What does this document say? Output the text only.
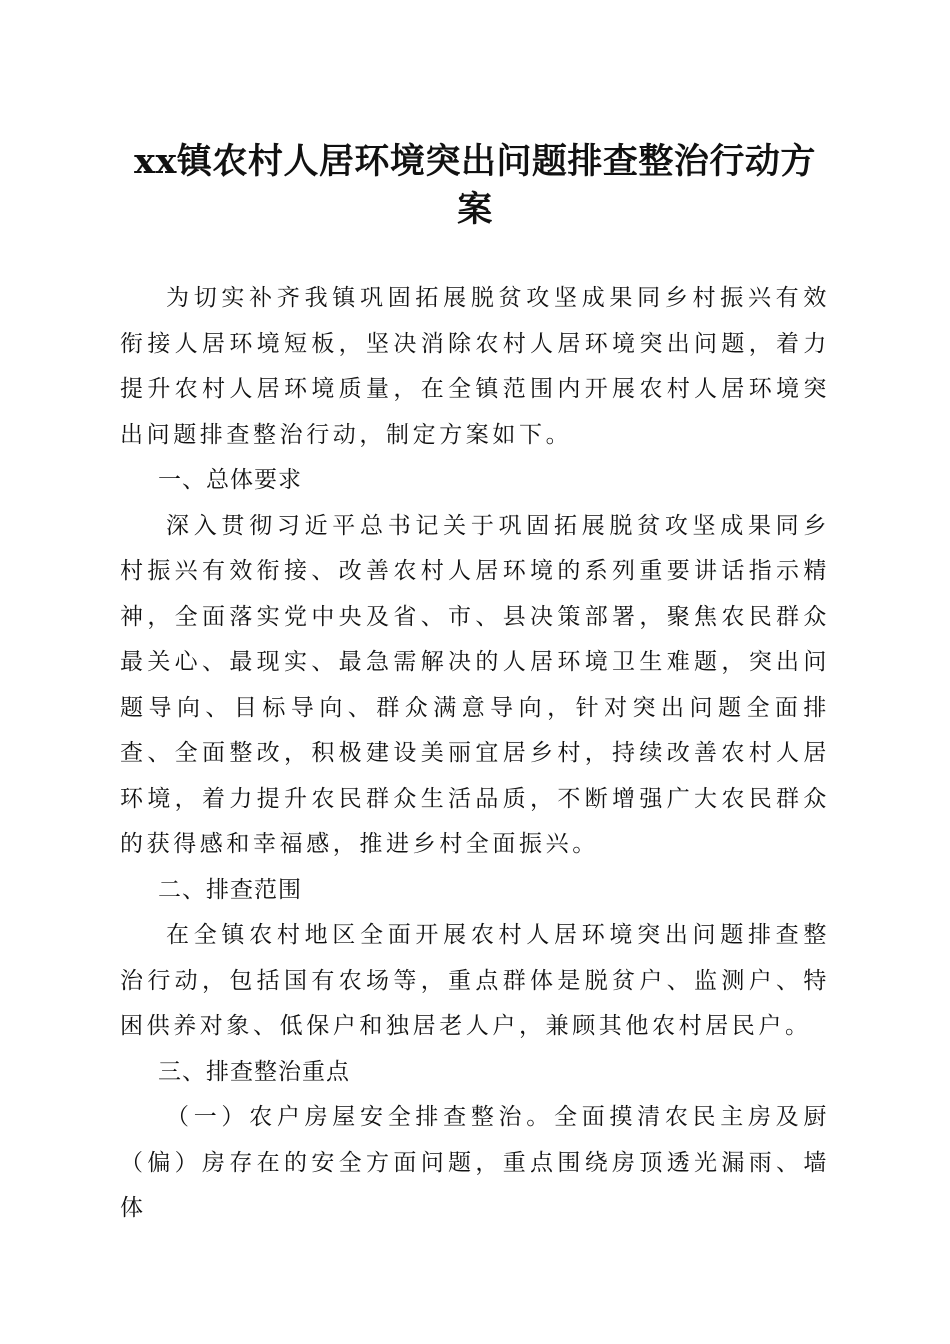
xx镇农村人居环境突出问题排查整治行动方案

为切实补齐我镇巩固拓展脱贫攻坚成果同乡村振兴有效衔接人居环境短板，坚决消除农村人居环境突出问题，着力提升农村人居环境质量，在全镇范围内开展农村人居环境突出问题排查整治行动，制定方案如下。

一、总体要求

深入贯彻习近平总书记关于巩固拓展脱贫攻坚成果同乡村振兴有效衔接、改善农村人居环境的系列重要讲话指示精神，全面落实党中央及省、市、县决策部署，聚焦农民群众最关心、最现实、最急需解决的人居环境卫生难题，突出问题导向、目标导向、群众满意导向，针对突出问题全面排查、全面整改，积极建设美丽宜居乡村，持续改善农村人居环境，着力提升农民群众生活品质，不断增强广大农民群众的获得感和幸福感，推进乡村全面振兴。

二、排查范围

在全镇农村地区全面开展农村人居环境突出问题排查整治行动，包括国有农场等，重点群体是脱贫户、监测户、特困供养对象、低保户和独居老人户，兼顾其他农村居民户。

三、排查整治重点

（一）农户房屋安全排查整治。全面摸清农民主房及厨（偏）房存在的安全方面问题，重点围绕房顶透光漏雨、墙体
